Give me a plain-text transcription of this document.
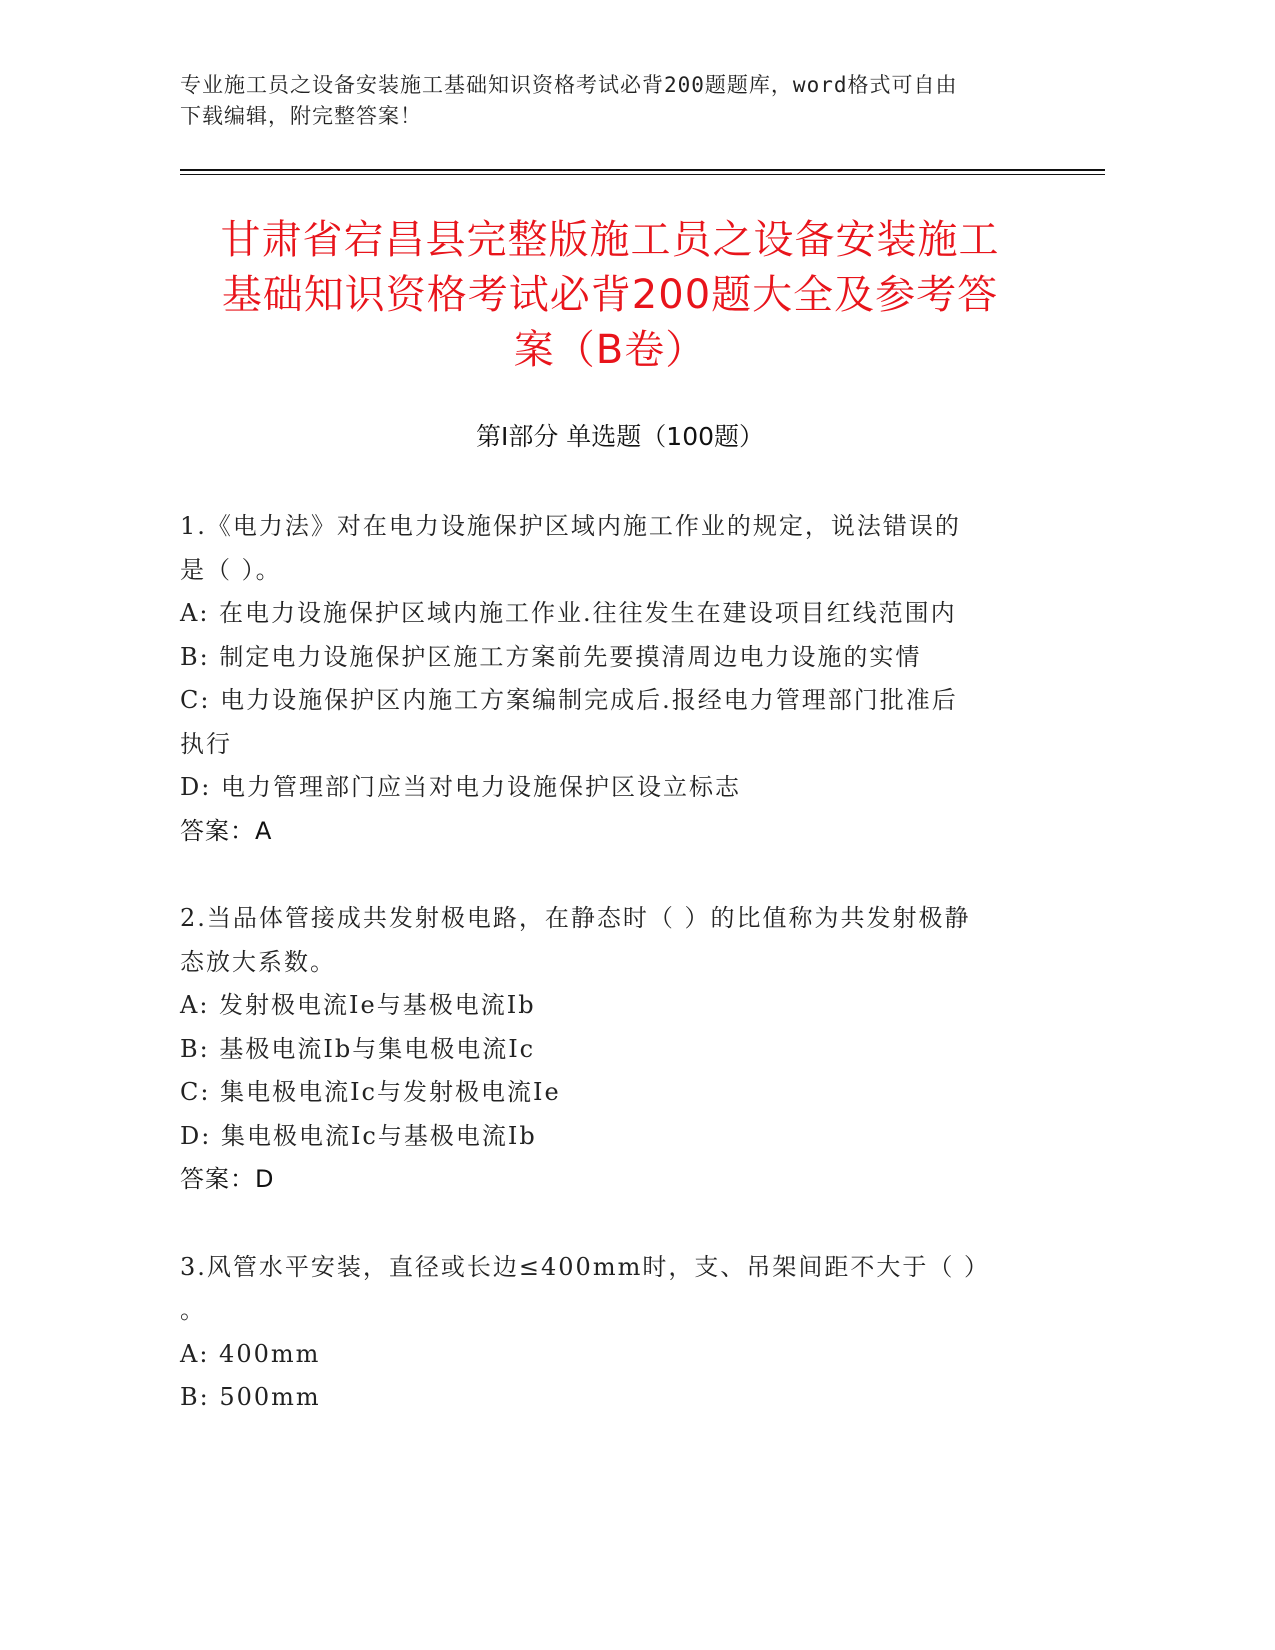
专业施工员之设备安装施工基础知识资格考试必背200题题库，word格式可自由
下载编辑，附完整答案！
甘肃省宕昌县完整版施工员之设备安装施工
基础知识资格考试必背200题大全及参考答
案（B卷）
第I部分 单选题（100题）

1.《电力法》对在电力设施保护区域内施工作业的规定，说法错误的

是（ ）。

A: 在电力设施保护区域内施工作业.往往发生在建设项目红线范围内

B: 制定电力设施保护区施工方案前先要摸清周边电力设施的实情

C: 电力设施保护区内施工方案编制完成后.报经电力管理部门批准后

执行

D: 电力管理部门应当对电力设施保护区设立标志

答案：A

2.当品体管接成共发射极电路，在静态时（ ）的比值称为共发射极静

态放大系数。

A: 发射极电流Ie与基极电流Ib

B: 基极电流Ib与集电极电流Ic

C: 集电极电流Ic与发射极电流Ie

D: 集电极电流Ic与基极电流Ib

答案：D

3.风管水平安装，直径或长边≤400mm时，支、吊架间距不大于（ ）

。

A: 400mm

B: 500mm
